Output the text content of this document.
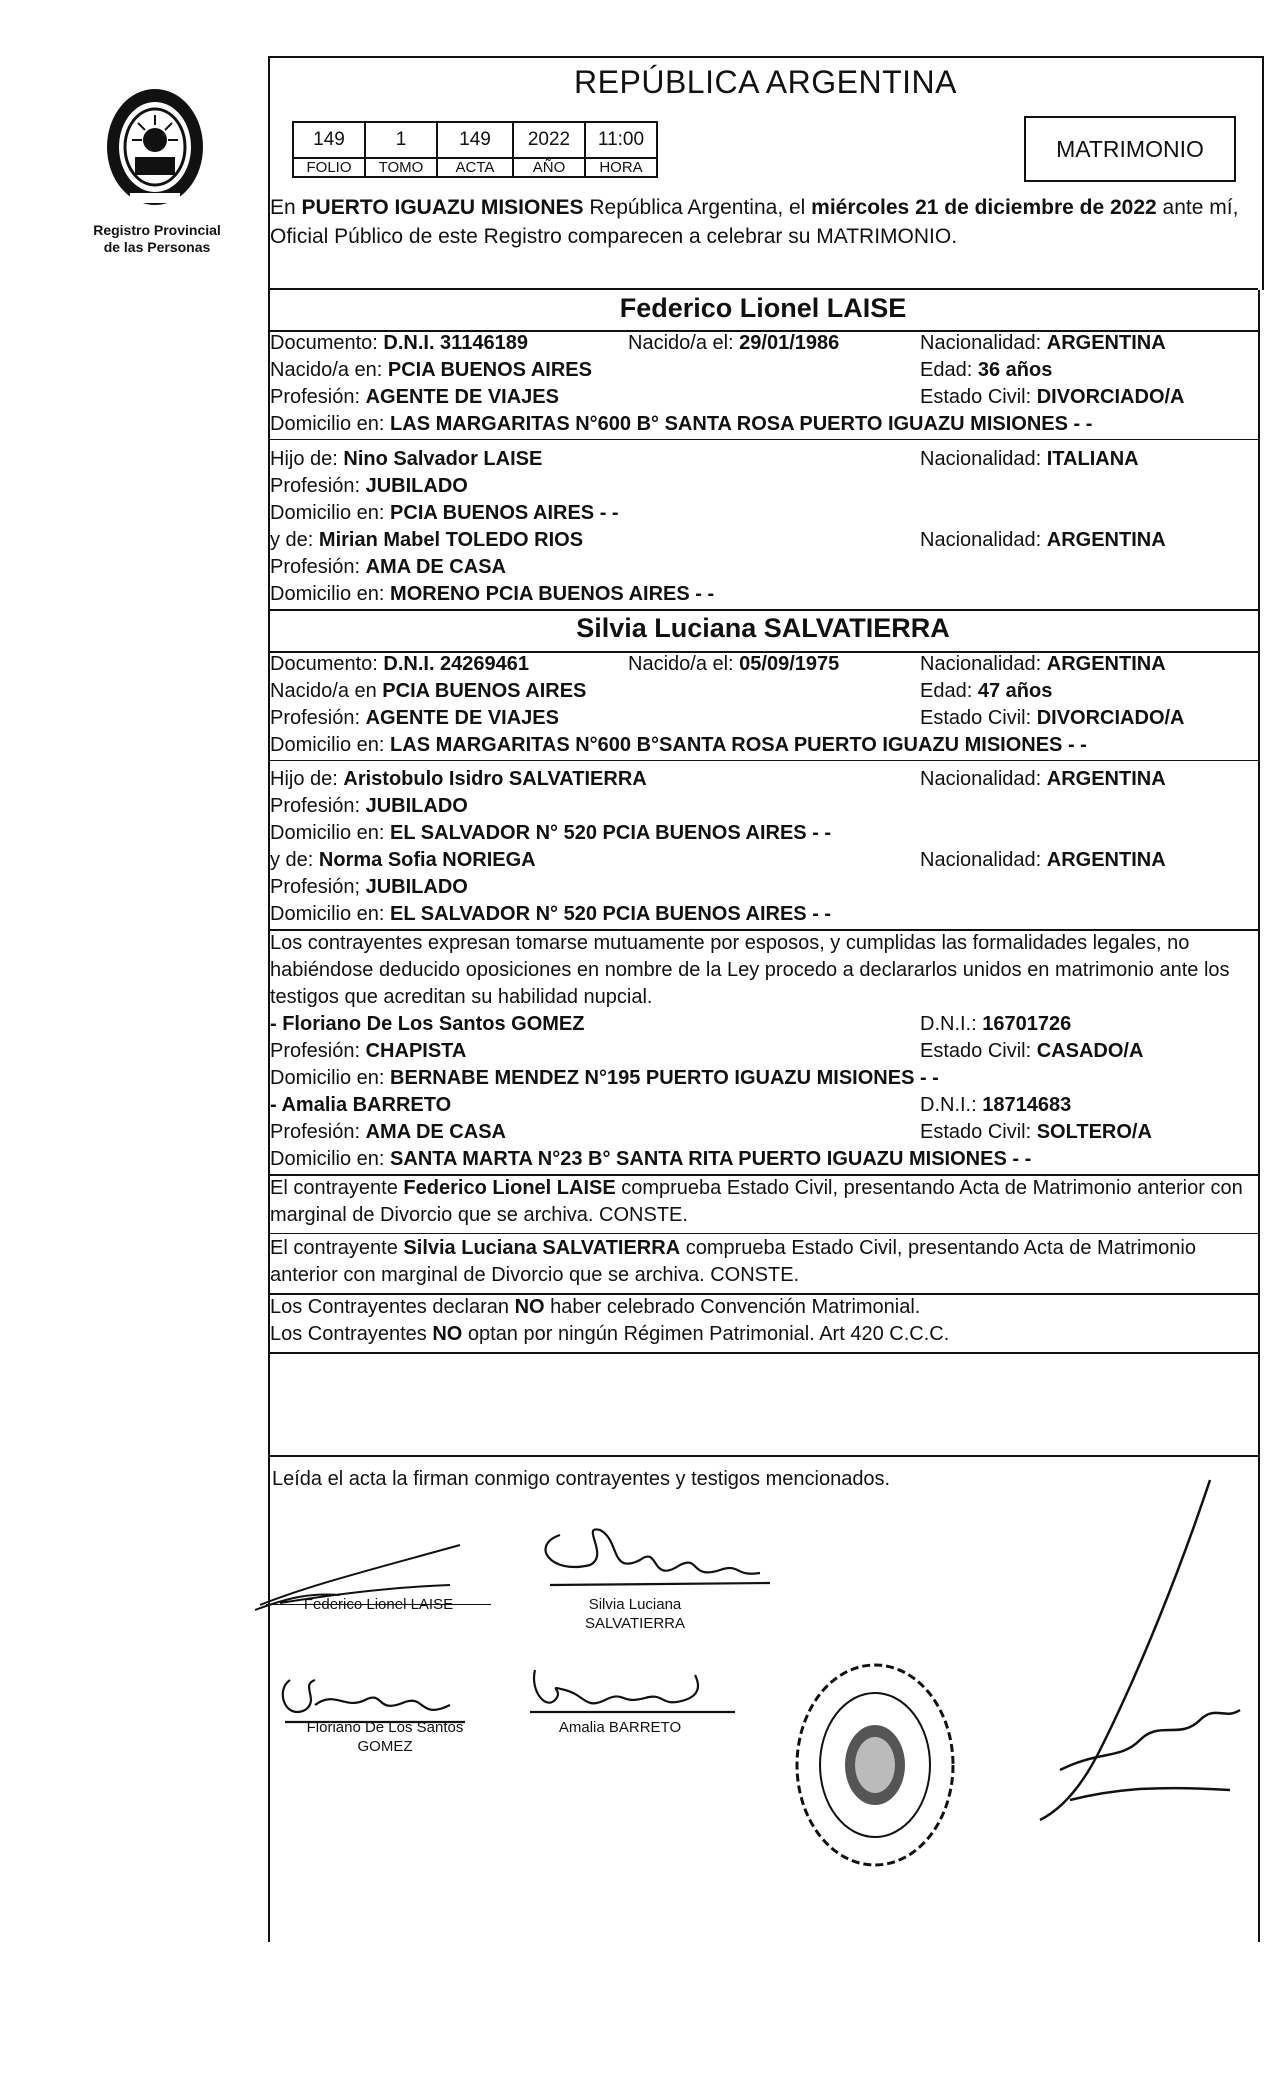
Registro Provincial
de las Personas
REPÚBLICA ARGENTINA
149	1	149	2022	11:00
FOLIO	TOMO	ACTA	AÑO	HORA
MATRIMONIO
En PUERTO IGUAZU MISIONES República Argentina, el miércoles 21 de diciembre de 2022 ante mí, Oficial Público de este Registro comparecen a celebrar su MATRIMONIO.
Federico Lionel LAISE
Documento: D.N.I. 31146189	Nacido/a el: 29/01/1986	Nacionalidad: ARGENTINA
Nacido/a en: PCIA BUENOS AIRES	Edad: 36 años
Profesión: AGENTE DE VIAJES	Estado Civil: DIVORCIADO/A
Domicilio en: LAS MARGARITAS N°600 B° SANTA ROSA PUERTO IGUAZU MISIONES - -
Hijo de: Nino Salvador LAISE	Nacionalidad: ITALIANA
Profesión: JUBILADO
Domicilio en: PCIA BUENOS AIRES - -
y de: Mirian Mabel TOLEDO RIOS	Nacionalidad: ARGENTINA
Profesión: AMA DE CASA
Domicilio en: MORENO PCIA BUENOS AIRES - -
Silvia Luciana SALVATIERRA
Documento: D.N.I. 24269461	Nacido/a el: 05/09/1975	Nacionalidad: ARGENTINA
Nacido/a en PCIA BUENOS AIRES	Edad: 47 años
Profesión: AGENTE DE VIAJES	Estado Civil: DIVORCIADO/A
Domicilio en: LAS MARGARITAS N°600 B°SANTA ROSA PUERTO IGUAZU MISIONES - -
Hijo de: Aristobulo Isidro SALVATIERRA	Nacionalidad: ARGENTINA
Profesión: JUBILADO
Domicilio en: EL SALVADOR N° 520 PCIA BUENOS AIRES - -
y de: Norma Sofia NORIEGA	Nacionalidad: ARGENTINA
Profesión; JUBILADO
Domicilio en: EL SALVADOR N° 520 PCIA BUENOS AIRES - -
Los contrayentes expresan tomarse mutuamente por esposos, y cumplidas las formalidades legales, no habiéndose deducido oposiciones en nombre de la Ley procedo a declararlos unidos en matrimonio ante los testigos que acreditan su habilidad nupcial.
- Floriano De Los Santos GOMEZ	D.N.I.: 16701726
Profesión: CHAPISTA	Estado Civil: CASADO/A
Domicilio en: BERNABE MENDEZ N°195 PUERTO IGUAZU MISIONES - -
- Amalia BARRETO	D.N.I.: 18714683
Profesión: AMA DE CASA	Estado Civil: SOLTERO/A
Domicilio en: SANTA MARTA N°23 B° SANTA RITA PUERTO IGUAZU MISIONES - -
El contrayente Federico Lionel LAISE comprueba Estado Civil, presentando Acta de Matrimonio anterior con marginal de Divorcio que se archiva. CONSTE.
El contrayente Silvia Luciana SALVATIERRA comprueba Estado Civil, presentando Acta de Matrimonio anterior con marginal de Divorcio que se archiva. CONSTE.
Los Contrayentes declaran NO haber celebrado Convención Matrimonial.
Los Contrayentes NO optan por ningún Régimen Patrimonial. Art 420 C.C.C.
Leída el acta la firman conmigo contrayentes y testigos mencionados.
Federico Lionel LAISE	Silvia Luciana
SALVATIERRA
Floriano De Los Santos
GOMEZ
Amalia BARRETO
